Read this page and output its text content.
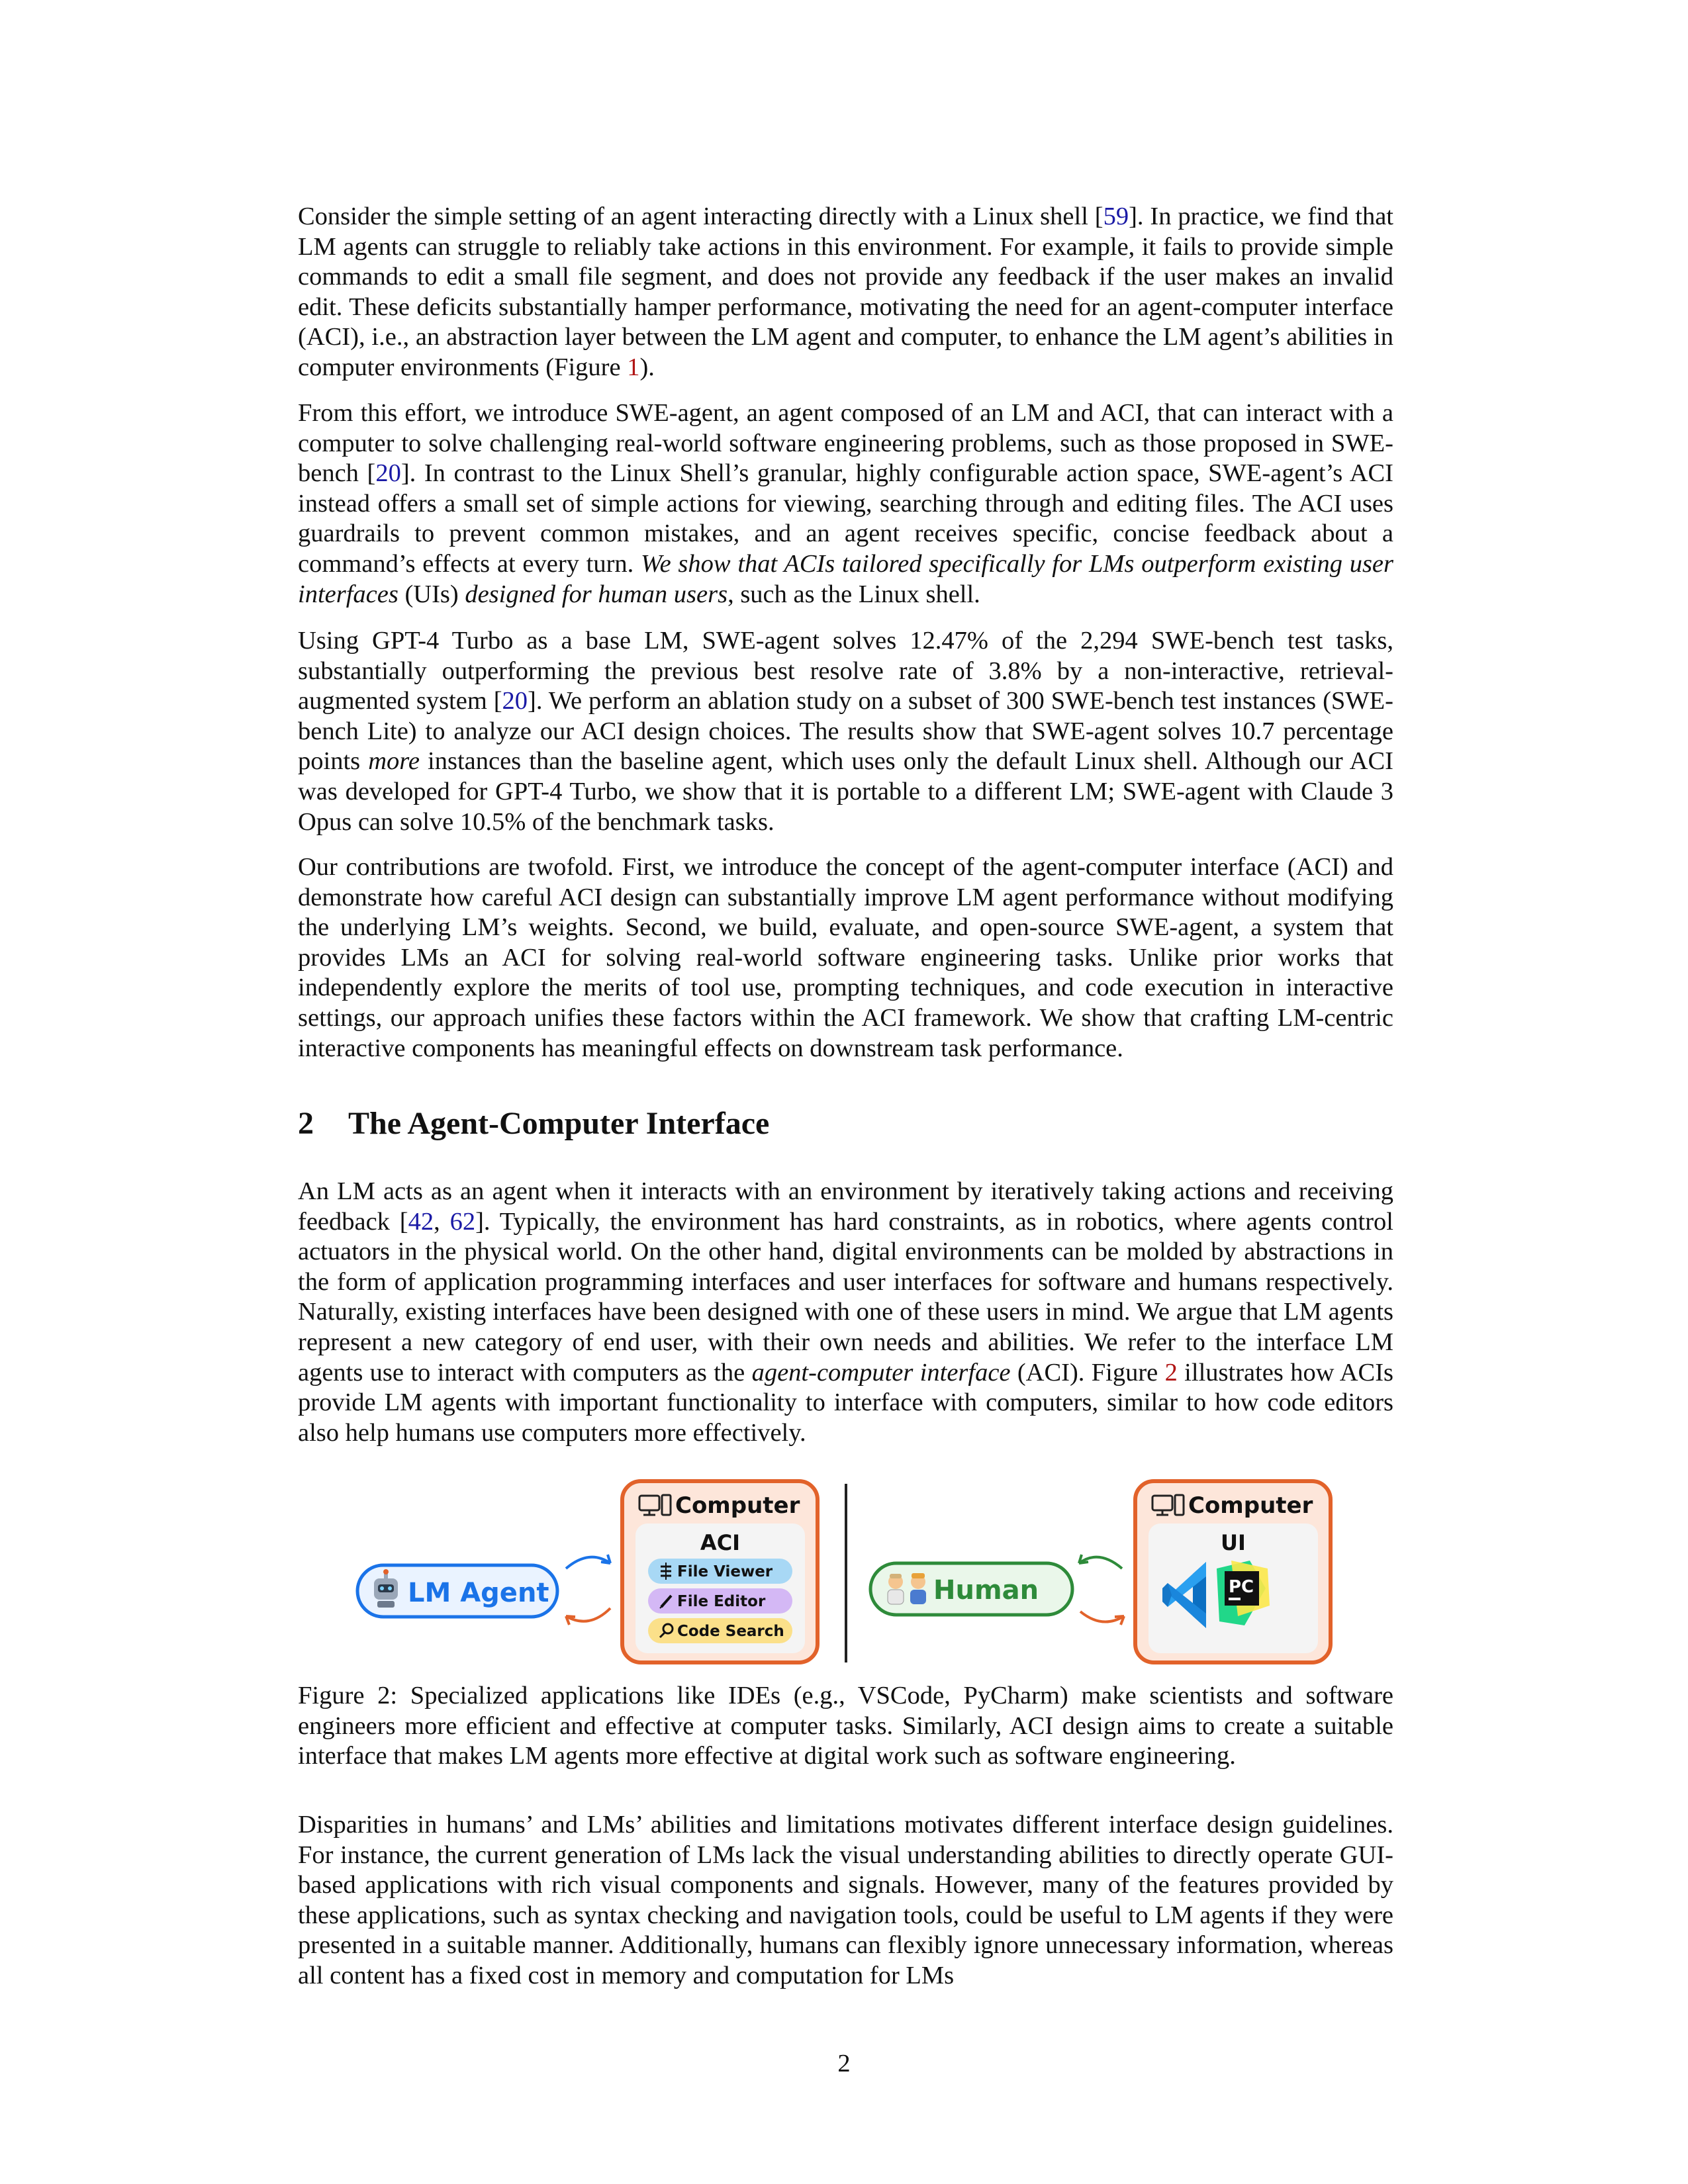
Consider the simple setting of an agent interacting directly with a Linux shell [59]. In practice, we find that LM agents can struggle to reliably take actions in this environment. For example, it fails to provide simple commands to edit a small file segment, and does not provide any feedback if the user makes an invalid edit. These deficits substantially hamper performance, motivating the need for an agent-computer interface (ACI), i.e., an abstraction layer between the LM agent and computer, to enhance the LM agent’s abilities in computer environments (Figure 1).

From this effort, we introduce SWE-agent, an agent composed of an LM and ACI, that can interact with a computer to solve challenging real-world software engineering problems, such as those proposed in SWE-bench [20]. In contrast to the Linux Shell’s granular, highly configurable action space, SWE-agent’s ACI instead offers a small set of simple actions for viewing, searching through and editing files. The ACI uses guardrails to prevent common mistakes, and an agent receives specific, concise feedback about a command’s effects at every turn. We show that ACIs tailored specifically for LMs outperform existing user interfaces (UIs) designed for human users, such as the Linux shell.

Using GPT-4 Turbo as a base LM, SWE-agent solves 12.47% of the 2,294 SWE-bench test tasks, substantially outperforming the previous best resolve rate of 3.8% by a non-interactive, retrieval-augmented system [20]. We perform an ablation study on a subset of 300 SWE-bench test instances (SWE-bench Lite) to analyze our ACI design choices. The results show that SWE-agent solves 10.7 percentage points more instances than the baseline agent, which uses only the default Linux shell. Although our ACI was developed for GPT-4 Turbo, we show that it is portable to a different LM; SWE-agent with Claude 3 Opus can solve 10.5% of the benchmark tasks.

Our contributions are twofold. First, we introduce the concept of the agent-computer interface (ACI) and demonstrate how careful ACI design can substantially improve LM agent performance without modifying the underlying LM’s weights. Second, we build, evaluate, and open-source SWE-agent, a system that provides LMs an ACI for solving real-world software engineering tasks. Unlike prior works that independently explore the merits of tool use, prompting techniques, and code execution in interactive settings, our approach unifies these factors within the ACI framework. We show that crafting LM-centric interactive components has meaningful effects on downstream task performance.

2 The Agent-Computer Interface

An LM acts as an agent when it interacts with an environment by iteratively taking actions and receiving feedback [42, 62]. Typically, the environment has hard constraints, as in robotics, where agents control actuators in the physical world. On the other hand, digital environments can be molded by abstractions in the form of application programming interfaces and user interfaces for software and humans respectively. Naturally, existing interfaces have been designed with one of these users in mind. We argue that LM agents represent a new category of end user, with their own needs and abilities. We refer to the interface LM agents use to interact with computers as the agent-computer interface (ACI). Figure 2 illustrates how ACIs provide LM agents with important functionality to interface with computers, similar to how code editors also help humans use computers more effectively.

LM Agent
Computer
ACI
File Viewer
File Editor
Code Search
Human
Computer
UI
PC

Figure 2: Specialized applications like IDEs (e.g., VSCode, PyCharm) make scientists and software engineers more efficient and effective at computer tasks. Similarly, ACI design aims to create a suitable interface that makes LM agents more effective at digital work such as software engineering.

Disparities in humans’ and LMs’ abilities and limitations motivates different interface design guidelines. For instance, the current generation of LMs lack the visual understanding abilities to directly operate GUI-based applications with rich visual components and signals. However, many of the features provided by these applications, such as syntax checking and navigation tools, could be useful to LM agents if they were presented in a suitable manner. Additionally, humans can flexibly ignore unnecessary information, whereas all content has a fixed cost in memory and computation for LMs

2
